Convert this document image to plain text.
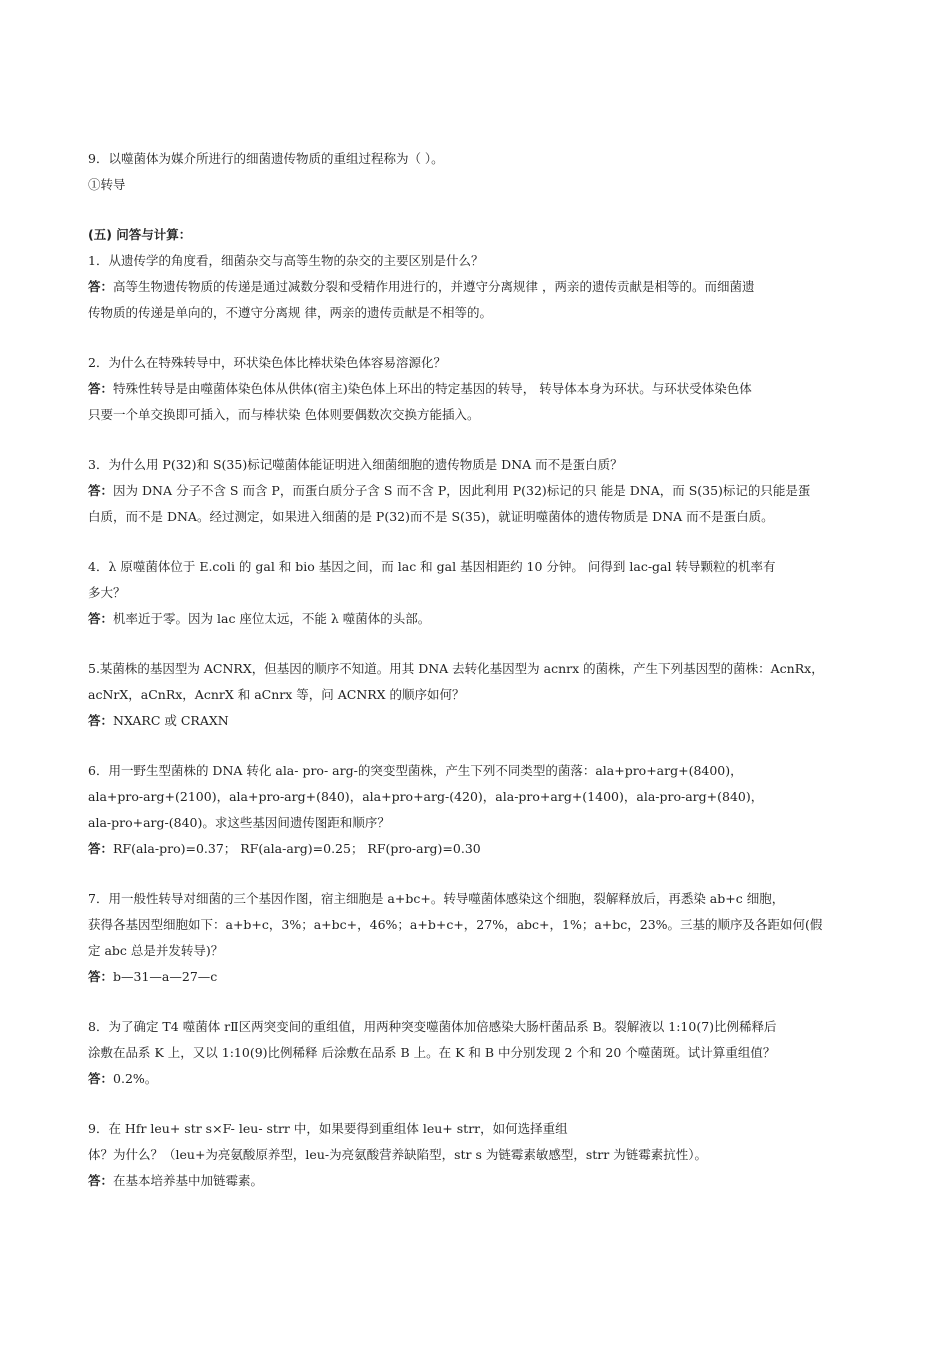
9．以噬菌体为媒介所进行的细菌遗传物质的重组过程称为（ ）。
①转导
(五) 问答与计算：
1．从遗传学的角度看，细菌杂交与高等生物的杂交的主要区别是什么？
答：高等生物遗传物质的传递是通过减数分裂和受精作用进行的，并遵守分离规律 ，两亲的遗传贡献是相等的。而细菌遗
传物质的传递是单向的，不遵守分离规 律，两亲的遗传贡献是不相等的。
2．为什么在特殊转导中，环状染色体比棒状染色体容易溶源化？
答：特殊性转导是由噬菌体染色体从供体(宿主)染色体上环出的特定基因的转导， 转导体本身为环状。与环状受体染色体
只要一个单交换即可插入，而与棒状染 色体则要偶数次交换方能插入。
3．为什么用 P(32)和 S(35)标记噬菌体能证明进入细菌细胞的遗传物质是 DNA 而不是蛋白质？
答：因为 DNA 分子不含 S 而含 P，而蛋白质分子含 S 而不含 P，因此利用 P(32)标记的只 能是 DNA，而 S(35)标记的只能是蛋
白质，而不是 DNA。经过测定，如果进入细菌的是 P(32)而不是 S(35)，就证明噬菌体的遗传物质是 DNA 而不是蛋白质。
4．λ 原噬菌体位于 E.coli 的 gal 和 bio 基因之间，而 lac 和 gal 基因相距约 10 分钟。 问得到 lac-gal 转导颗粒的机率有
多大？
答：机率近于零。因为 lac 座位太远，不能 λ 噬菌体的头部。
5.某菌株的基因型为 ACNRX，但基因的顺序不知道。用其 DNA 去转化基因型为 acnrx 的菌株，产生下列基因型的菌株：AcnRx，
acNrX，aCnRx，AcnrX 和 aCnrx 等，问 ACNRX 的顺序如何？
答：NXARC 或 CRAXN
6．用一野生型菌株的 DNA 转化 ala- pro- arg-的突变型菌株，产生下列不同类型的菌落：ala+pro+arg+(8400)，
ala+pro-arg+(2100)，ala+pro-arg+(840)，ala+pro+arg-(420)，ala-pro+arg+(1400)，ala-pro-arg+(840)，
ala-pro+arg-(840)。求这些基因间遗传图距和顺序？
答：RF(ala-pro)=0.37； RF(ala-arg)=0.25； RF(pro-arg)=0.30
7．用一般性转导对细菌的三个基因作图，宿主细胞是 a+bc+。转导噬菌体感染这个细胞，裂解释放后，再悉染 ab+c 细胞，
获得各基因型细胞如下：a+b+c，3%；a+bc+，46%；a+b+c+，27%，abc+，1%；a+bc，23%。三基的顺序及各距如何(假
定 abc 总是并发转导)？
答：b—31—a—27—c
8．为了确定 T4 噬菌体 rⅡ区两突变间的重组值，用两种突变噬菌体加倍感染大肠杆菌品系 B。裂解液以 1:10(7)比例稀释后
涂敷在品系 K 上，又以 1:10(9)比例稀释 后涂敷在品系 B 上。在 K 和 B 中分别发现 2 个和 20 个噬菌斑。试计算重组值？
答：0.2%。
9．在 Hfr leu+ str s×F- leu- strr 中，如果要得到重组体 leu+ strr，如何选择重组
体？为什么？（leu+为亮氨酸原养型，leu-为亮氨酸营养缺陷型，str s 为链霉素敏感型，strr 为链霉素抗性）。
答：在基本培养基中加链霉素。
